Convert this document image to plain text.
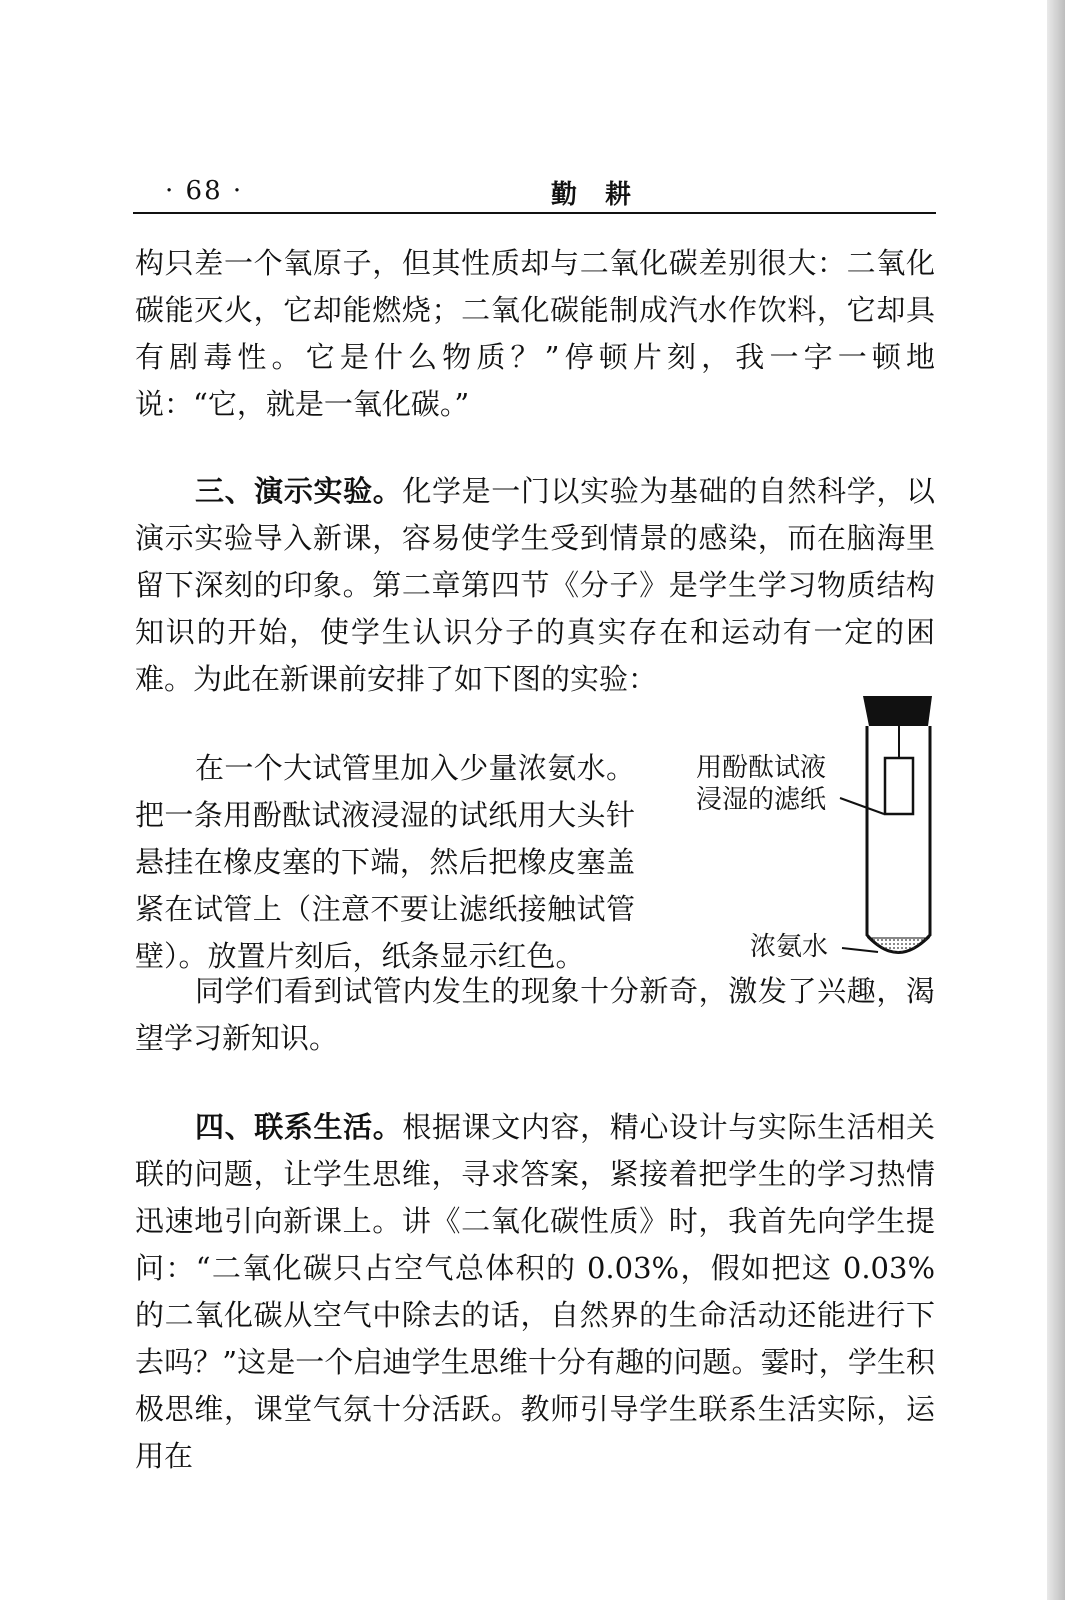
· 68 ·	勤耕

构只差一个氧原子，但其性质却与二氧化碳差别很大：二氧化碳能灭火，它却能燃烧；二氧化碳能制成汽水作饮料，它却具有剧毒性。它是什么物质？”停顿片刻，我一字一顿地说：“它，就是一氧化碳。”

三、演示实验。化学是一门以实验为基础的自然科学，以演示实验导入新课，容易使学生受到情景的感染，而在脑海里留下深刻的印象。第二章第四节《分子》是学生学习物质结构知识的开始，使学生认识分子的真实存在和运动有一定的困难。为此在新课前安排了如下图的实验：

在一个大试管里加入少量浓氨水。把一条用酚酞试液浸湿的试纸用大头针悬挂在橡皮塞的下端，然后把橡皮塞盖紧在试管上（注意不要让滤纸接触试管壁）。放置片刻后，纸条显示红色。

用酚酞试液
浸湿的滤纸
浓氨水

同学们看到试管内发生的现象十分新奇，激发了兴趣，渴望学习新知识。

四、联系生活。根据课文内容，精心设计与实际生活相关联的问题，让学生思维，寻求答案，紧接着把学生的学习热情迅速地引向新课上。讲《二氧化碳性质》时，我首先向学生提问：“二氧化碳只占空气总体积的 0.03%，假如把这 0.03% 的二氧化碳从空气中除去的话，自然界的生命活动还能进行下去吗？”这是一个启迪学生思维十分有趣的问题。霎时，学生积极思维，课堂气氛十分活跃。教师引导学生联系生活实际，运用在
